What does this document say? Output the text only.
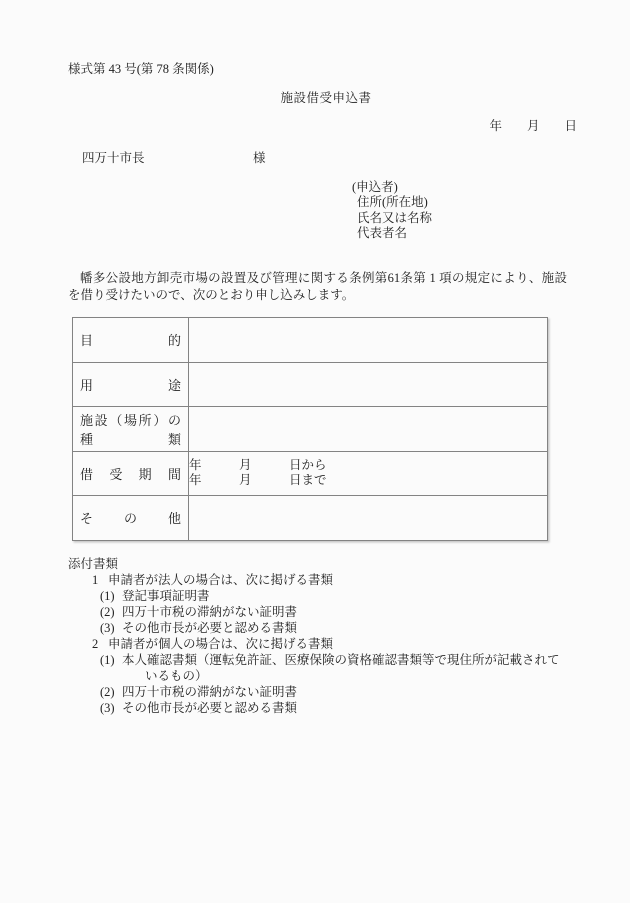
様式第 43 号(第 78 条関係)
施設借受申込書
年　　月　　日
四万十市長	様
(申込者)
住所(所在地)
氏名又は名称
代表者名
幡多公設地方卸売市場の設置及び管理に関する条例第61条第 1 項の規定により、施設を借り受けたいので、次のとおり申し込みします。
目的	

用途	

施設（場所）の種類	

借受期間	年　　　月　　　日から
年　　　月　　　日まで

その他	

添付書類
1 申請者が法人の場合は、次に掲げる書類
(1) 登記事項証明書
(2) 四万十市税の滞納がない証明書
(3) その他市長が必要と認める書類
2 申請者が個人の場合は、次に掲げる書類
(1) 本人確認書類（運転免許証、医療保険の資格確認書類等で現住所が記載されて
いるもの）
(2) 四万十市税の滞納がない証明書
(3) その他市長が必要と認める書類
